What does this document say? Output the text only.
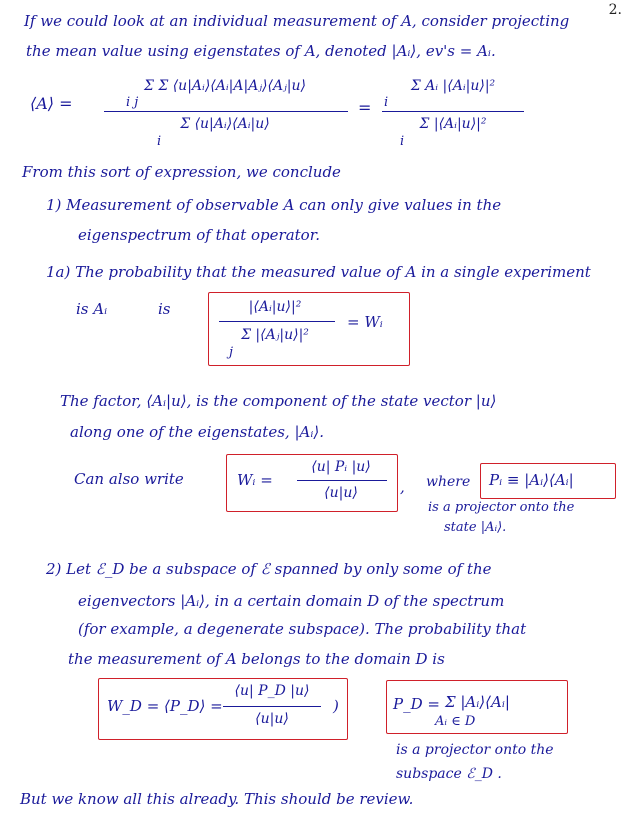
2.
If we could look at an individual measurement of A, consider projecting
the mean value using eigenstates of A, denoted |Aᵢ⟩, ev's = Aᵢ.
⟨A⟩ =
Σ Σ ⟨u|Aᵢ⟩⟨Aᵢ|A|Aⱼ⟩⟨Aⱼ|u⟩
i j
Σ ⟨u|Aᵢ⟩⟨Aᵢ|u⟩
i
=
Σ Aᵢ |⟨Aᵢ|u⟩|²
i
Σ |⟨Aᵢ|u⟩|²
i
From this sort of expression, we conclude
1) Measurement of observable A can only give values in the
eigenspectrum of that operator.
1a) The probability that the measured value of A in a single experiment
is Aᵢ	is	|⟨Aᵢ|u⟩|²
Σ |⟨Aⱼ|u⟩|²
j
= Wᵢ
The factor, ⟨Aᵢ|u⟩, is the component of the state vector |u⟩
along one of the eigenstates, |Aᵢ⟩.
Can also write	Wᵢ =
⟨u| Pᵢ |u⟩
⟨u|u⟩	, where Pᵢ ≡ |Aᵢ⟩⟨Aᵢ|
is a projector onto the
state |Aᵢ⟩.
2) Let ℰ_D be a subspace of ℰ spanned by only some of the
eigenvectors |Aᵢ⟩, in a certain domain D of the spectrum
(for example, a degenerate subspace). The probability that
the measurement of A belongs to the domain D is
W_D = ⟨P_D⟩ =
⟨u| P_D |u⟩
⟨u|u⟩
)	P_D = Σ |Aᵢ⟩⟨Aᵢ|
Aᵢ ∈ D
is a projector onto the
subspace ℰ_D .
But we know all this already. This should be review.
